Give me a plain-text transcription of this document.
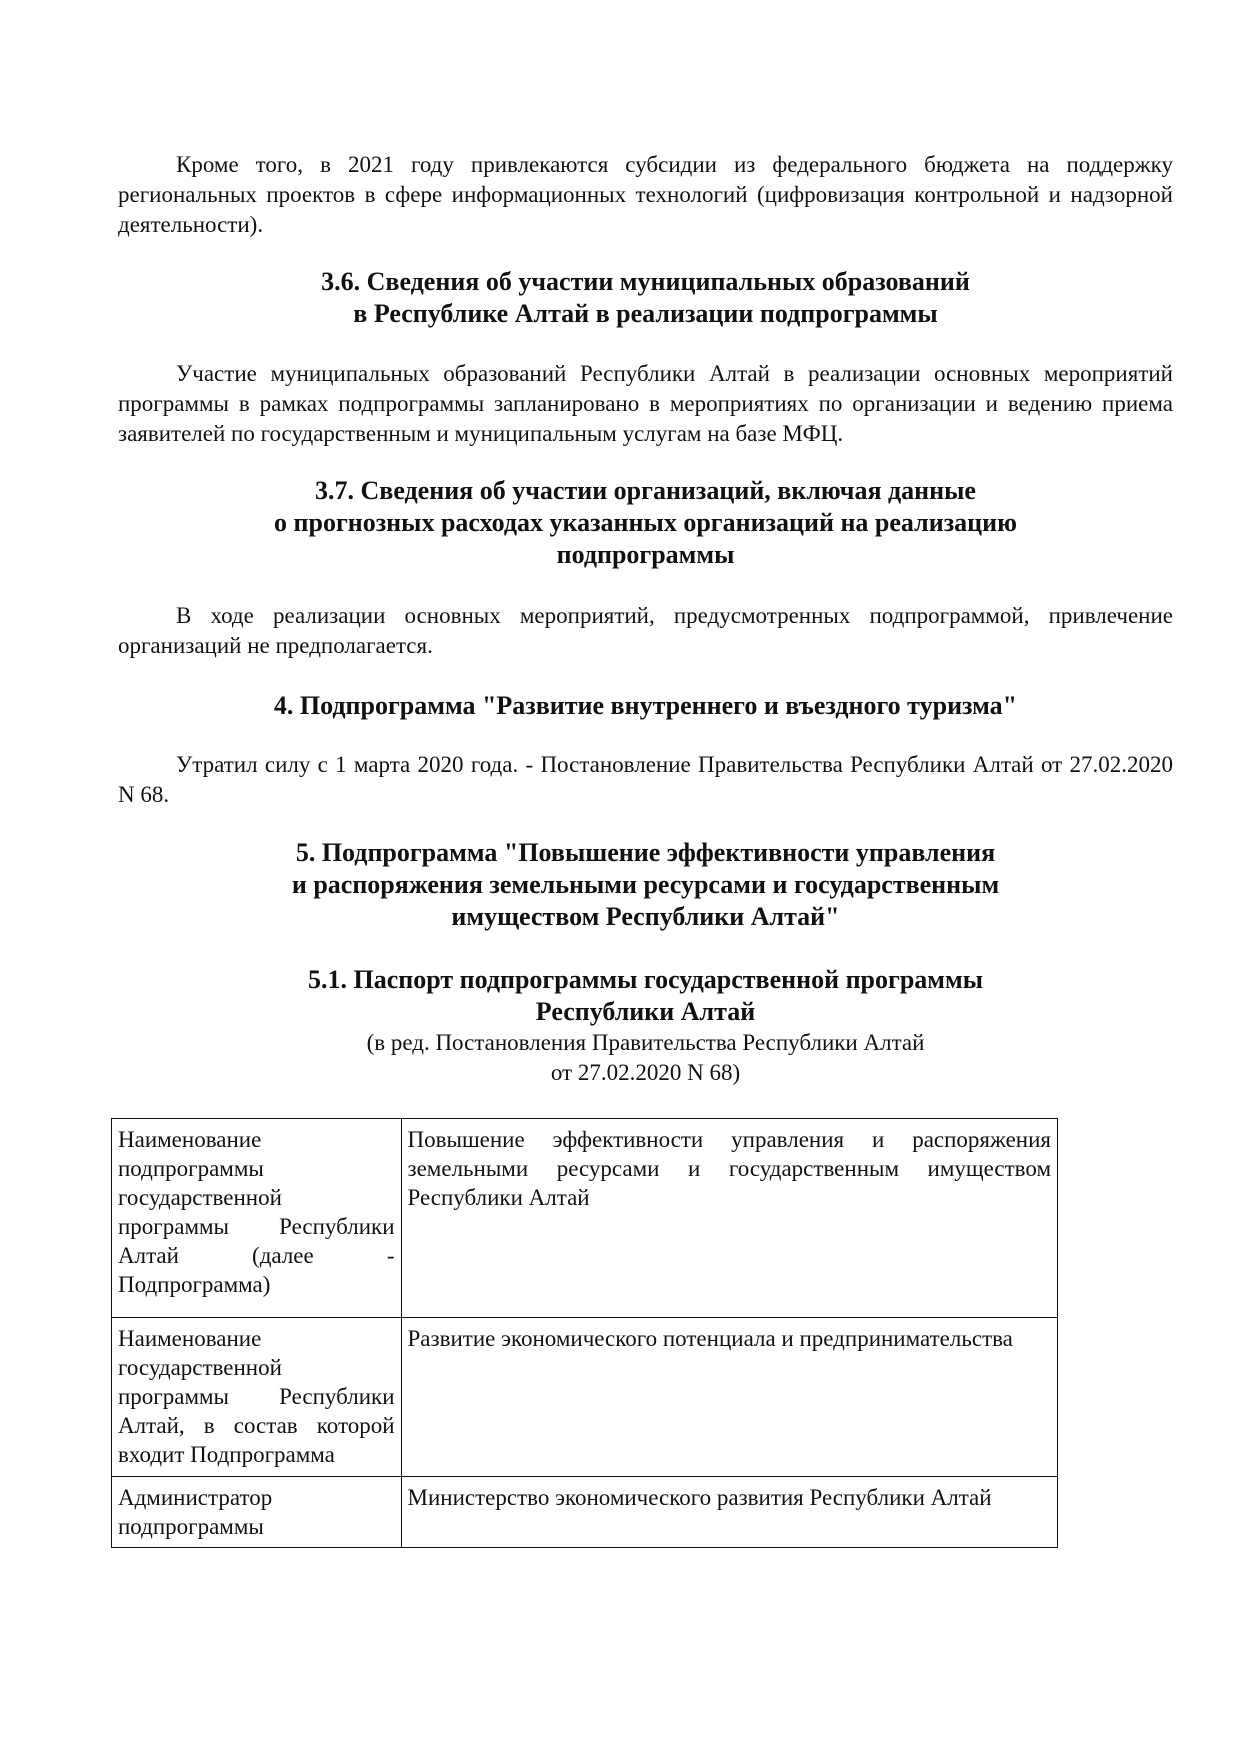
Кроме того, в 2021 году привлекаются субсидии из федерального бюджета на поддержку региональных проектов в сфере информационных технологий (цифровизация контрольной и надзорной деятельности).

3.6. Сведения об участии муниципальных образований
в Республике Алтай в реализации подпрограммы

Участие муниципальных образований Республики Алтай в реализации основных мероприятий программы в рамках подпрограммы запланировано в мероприятиях по организации и ведению приема заявителей по государственным и муниципальным услугам на базе МФЦ.

3.7. Сведения об участии организаций, включая данные
о прогнозных расходах указанных организаций на реализацию
подпрограммы

В ходе реализации основных мероприятий, предусмотренных подпрограммой, привлечение организаций не предполагается.

4. Подпрограмма "Развитие внутреннего и въездного туризма"

Утратил силу с 1 марта 2020 года. - Постановление Правительства Республики Алтай от 27.02.2020 N 68.

5. Подпрограмма "Повышение эффективности управления
и распоряжения земельными ресурсами и государственным
имуществом Республики Алтай"
5.1. Паспорт подпрограммы государственной программы
Республики Алтай
(в ред. Постановления Правительства Республики Алтай
от 27.02.2020 N 68)
Наименование подпрограммы государственной программы Республики Алтай (далее - Подпрограмма)	Повышение эффективности управления и распоряжения земельными ресурсами и государственным имуществом Республики Алтай
Наименование государственной программы Республики Алтай, в состав которой входит Подпрограмма	Развитие экономического потенциала и предпринимательства
Администратор подпрограммы	Министерство экономического развития Республики Алтай
